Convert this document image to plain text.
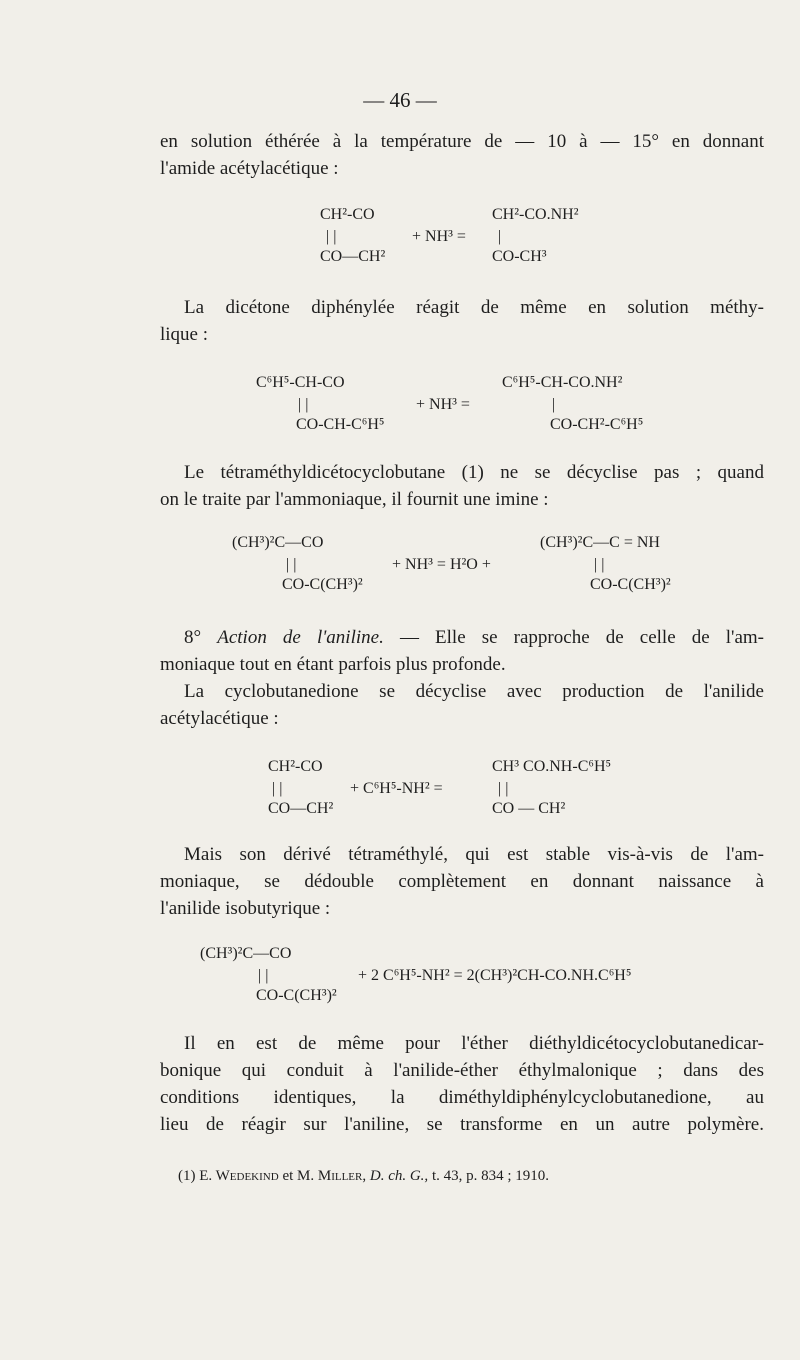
— 46 —
en solution éthérée à la température de — 10 à — 15° en donnant
l'amide acétylacétique :
CH²-CO	CH²-CO.NH²
| |	+ NH³ = |
CO—CH²	CO-CH³
La dicétone diphénylée réagit de même en solution méthy-
lique :
C⁶H⁵-CH-CO	C⁶H⁵-CH-CO.NH²
| |	+ NH³ =	|
CO-CH-C⁶H⁵	CO-CH²-C⁶H⁵
Le tétraméthyldicétocyclobutane (1) ne se décyclise pas ; quand
on le traite par l'ammoniaque, il fournit une imine :
(CH³)²C—CO	(CH³)²C—C = NH
| |	+ NH³ = H²O +	| |
CO-C(CH³)²	CO-C(CH³)²
8° Action de l'aniline. — Elle se rapproche de celle de l'am-
moniaque tout en étant parfois plus profonde.
La cyclobutanedione se décyclise avec production de l'anilide
acétylacétique :
CH²-CO	CH³ CO.NH-C⁶H⁵
| |	+ C⁶H⁵-NH² =	| |
CO—CH²	CO — CH²
Mais son dérivé tétraméthylé, qui est stable vis-à-vis de l'am-
moniaque, se dédouble complètement en donnant naissance à
l'anilide isobutyrique :
(CH³)²C—CO
| |	+ 2 C⁶H⁵-NH² = 2(CH³)²CH-CO.NH.C⁶H⁵
CO-C(CH³)²
Il en est de même pour l'éther diéthyldicétocyclobutanedicar-
bonique qui conduit à l'anilide-éther éthylmalonique ; dans des
conditions identiques, la diméthyldiphénylcyclobutanedione, au
lieu de réagir sur l'aniline, se transforme en un autre polymère.
(1) E. Wedekind et M. Miller, D. ch. G., t. 43, p. 834 ; 1910.
